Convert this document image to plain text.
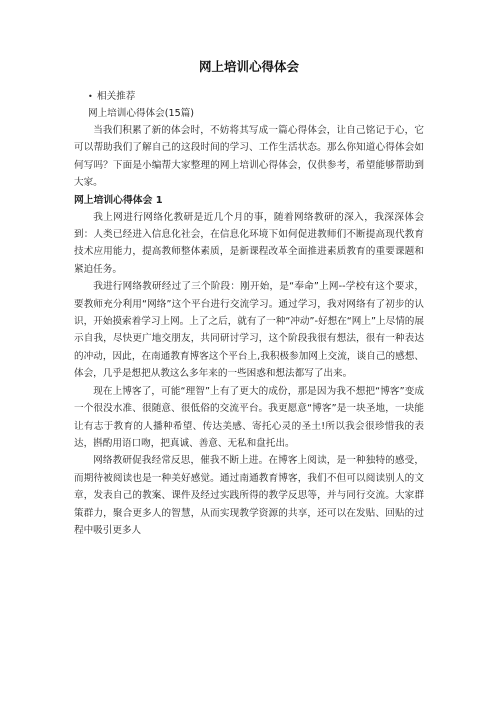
网上培训心得体会
• 相关推荐
网上培训心得体会(15篇)

当我们积累了新的体会时，不妨将其写成一篇心得体会，让自己铭记于心，它可以帮助我们了解自己的这段时间的学习、工作生活状态。那么你知道心得体会如何写吗？下面是小编帮大家整理的网上培训心得体会，仅供参考，希望能够帮助到大家。

网上培训心得体会 1

我上网进行网络化教研是近几个月的事，随着网络教研的深入，我深深体会到：人类已经进入信息化社会，在信息化环境下如何促进教师们不断提高现代教育技术应用能力，提高教师整体素质，是新课程改革全面推进素质教育的重要课题和紧迫任务。

我进行网络教研经过了三个阶段：刚开始，是“奉命”上网--学校有这个要求，要教师充分利用“网络”这个平台进行交流学习。通过学习，我对网络有了初步的认识，开始摸索着学习上网。上了之后，就有了一种“冲动”-好想在“网上”上尽情的展示自我，尽快更广地交朋友，共同研讨学习，这个阶段我很有想法，很有一种表达的冲动，因此，在南通教育博客这个平台上,我积极参加网上交流，谈自己的感想、体会，几乎是想把从教这么多年来的一些困惑和想法都写了出来。

现在上博客了，可能“理智”上有了更大的成份，那是因为我不想把“博客”变成一个很没水准、很随意、很低俗的交流平台。我更愿意“博客”是一块圣地，一块能让有志于教育的人播种希望、传达美感、寄托心灵的圣土!所以我会很珍惜我的表达，斟酌用语口吻，把真诚、善意、无私和盘托出。

网络教研促我经常反思，催我不断上进。在博客上阅读，是一种独特的感受，而期待被阅读也是一种美好感觉。通过南通教育博客，我们不但可以阅读别人的文章，发表自己的教案、课件及经过实践所得的教学反思等，并与同行交流。大家群策群力，聚合更多人的智慧，从而实现教学资源的共享，还可以在发贴、回贴的过程中吸引更多人
